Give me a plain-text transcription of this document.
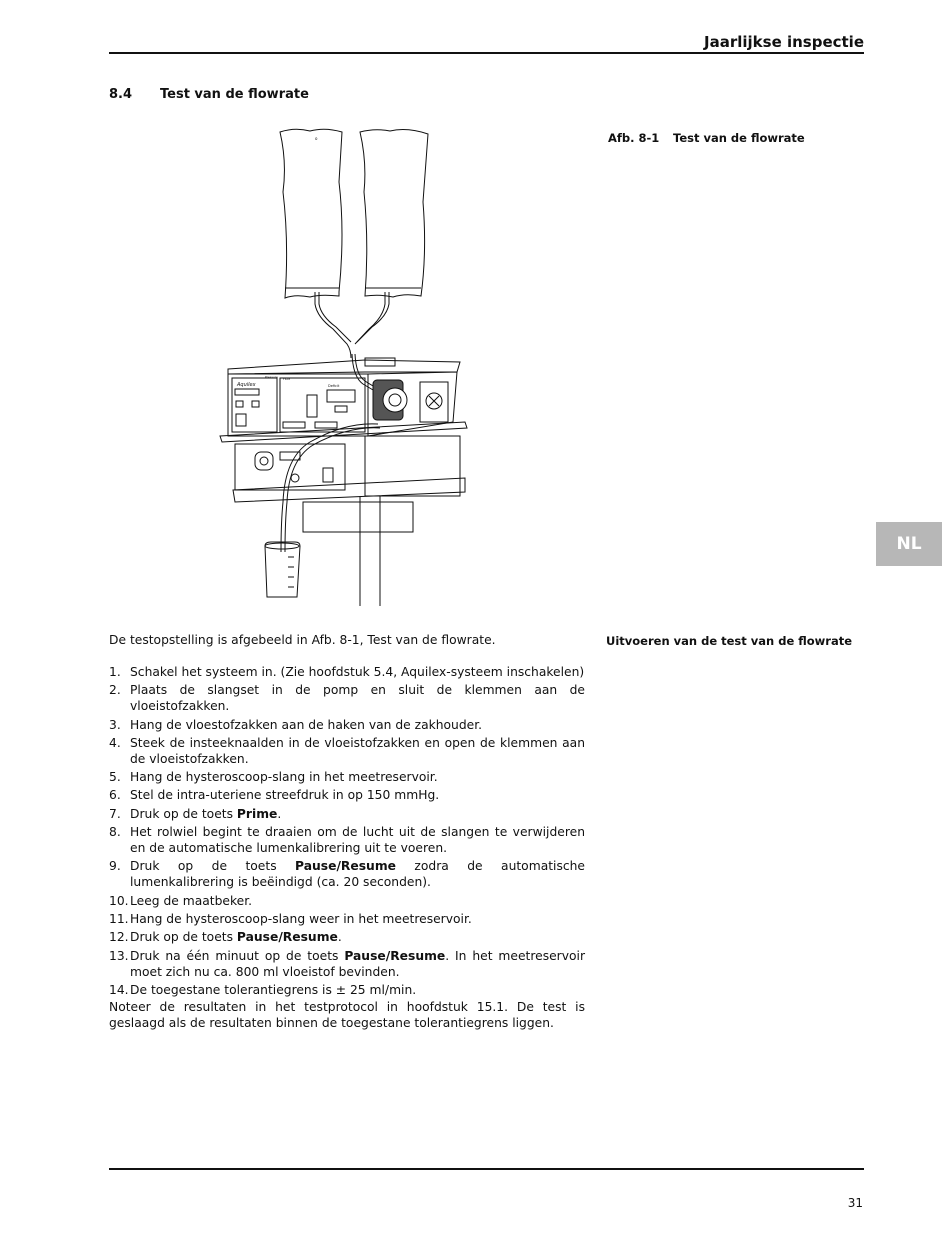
Jaarlijkse inspectie
8.4 Test van de flowrate
Afb. 8-1 Test van de flowrate
o
Aquilex
Pressure Fluid
Deficit
NL
De testopstelling is afgebeeld in Afb. 8-1, Test van de flowrate.	Uitvoeren van de test van de flowrate
1. Schakel het systeem in. (Zie hoofdstuk 5.4, Aquilex-systeem inschakelen)
2. Plaats de slangset in de pomp en sluit de klemmen aan de vloeistofzakken.
3. Hang de vloestofzakken aan de haken van de zakhouder.
4. Steek de insteeknaalden in de vloeistofzakken en open de klemmen aan de vloeistofzakken.
5. Hang de hysteroscoop-slang in het meetreservoir.
6. Stel de intra-uteriene streefdruk in op 150 mmHg.
7. Druk op de toets Prime.
8. Het rolwiel begint te draaien om de lucht uit de slangen te verwijderen en de automatische lumenkalibrering uit te voeren.
9. Druk op de toets Pause/Resume zodra de automatische lumenkalibrering is beëindigd (ca. 20 seconden).
10. Leeg de maatbeker.
11. Hang de hysteroscoop-slang weer in het meetreservoir.
12. Druk op de toets Pause/Resume.
13. Druk na één minuut op de toets Pause/Resume. In het meetreservoir moet zich nu ca. 800 ml vloeistof bevinden.
14. De toegestane tolerantiegrens is ± 25 ml/min.
Noteer de resultaten in het testprotocol in hoofdstuk 15.1. De test is geslaagd als de resultaten binnen de toegestane tolerantiegrens liggen.
31
